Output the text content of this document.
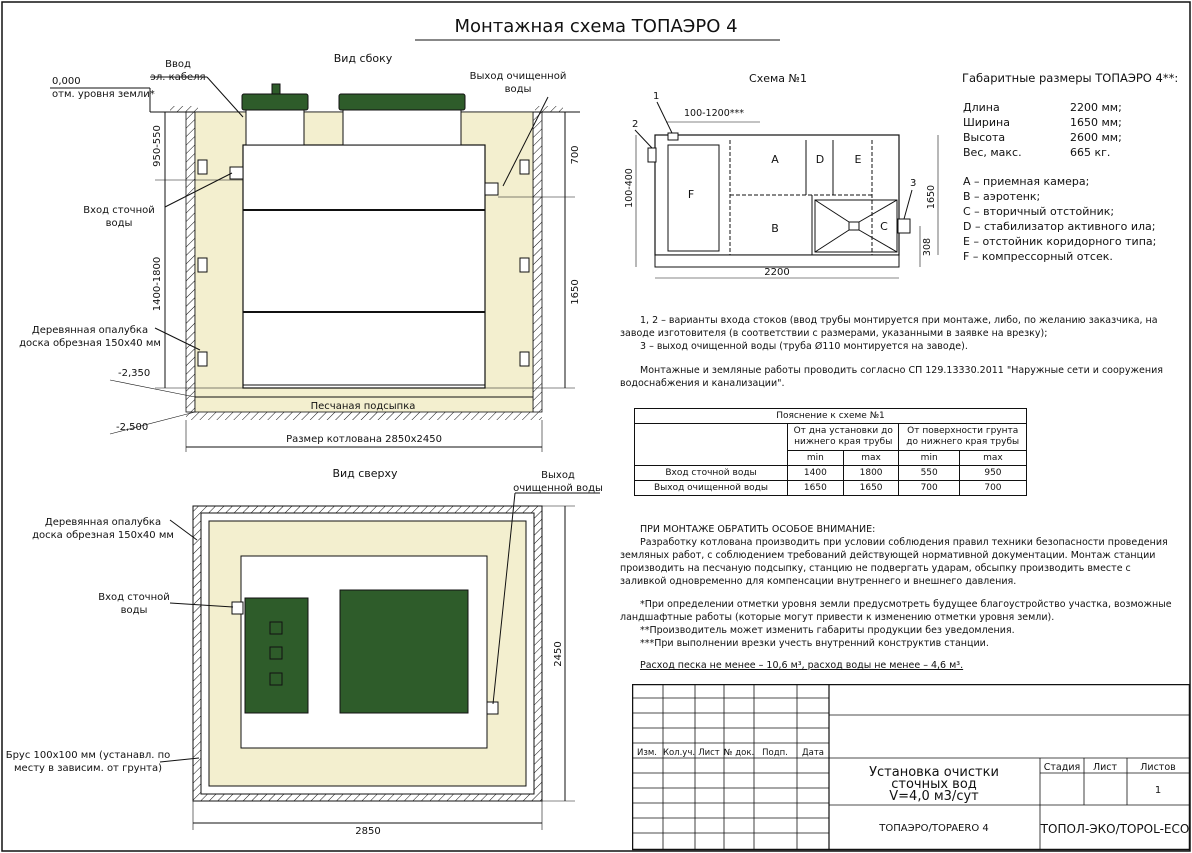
Монтажная схема ТОПАЭРО 4
Вид сбоку
Песчаная подсыпка
Ввод
эл. кабеля
0,000
отм. уровня земли*
Выход очищенной
воды
Вход сточной
воды
Деревянная опалубка
доска обрезная 150х40 мм
950-550
1400-1800
700
1650
-2,350
-2,500
Размер котлована 2850х2450
Вид сверху	Выход
очищенной воды
Деревянная опалубка
доска обрезная 150х40 мм
Вход сточной
воды
Брус 100х100 мм (устанавл. по
месту в зависим. от грунта)
2450
2850
Схема №1
A
B	C
D	E
F
1
2
3
100-1200***
100-400	1650
308
2200
Габаритные размеры ТОПАЭРО 4**:
Длина	2200 мм;
Ширина	1650 мм;
Высота	2600 мм;
Вес, макс.	665 кг.
А – приемная камера;
В – аэротенк;
С – вторичный отстойник;
D – стабилизатор активного ила;
Е – отстойник коридорного типа;
F – компрессорный отсек.
1, 2 – варианты входа стоков (ввод трубы монтируется при монтаже, либо, по желанию заказчика, на заводе изготовителя (в соответствии с размерами, указанными в заявке на врезку);
3 – выход очищенной воды (труба Ø110 монтируется на заводе).
Монтажные и земляные работы проводить согласно СП 129.13330.2011 "Наружные сети и сооружения водоснабжения и канализации".
Пояснение к схеме №1				
	От дна установки до нижнего края трубы		От поверхности грунта до нижнего края трубы	
	min	max	min	max
Вход сточной воды	1400	1800	550	950
Выход очищенной воды	1650	1650	700	700
ПРИ МОНТАЖЕ ОБРАТИТЬ ОСОБОЕ ВНИМАНИЕ:
Разработку котлована производить при условии соблюдения правил техники безопасности проведения земляных работ, с соблюдением требований действующей нормативной документации. Монтаж станции производить на песчаную подсыпку, станцию не подвергать ударам, обсыпку производить вместе с заливкой одновременно для компенсации внутреннего и внешнего давления.
*При определении отметки уровня земли предусмотреть будущее благоустройство участка, возможные ландшафтные работы (которые могут привести к изменению отметки уровня земли).
**Производитель может изменить габариты продукции без уведомления.
***При выполнении врезки учесть внутренний конструктив станции.
Расход песка не менее – 10,6 м³, расход воды не менее – 4,6 м³.
Изм. Кол.уч. Лист № док. Подп. Дата
Установка очистки
сточных вод
V=4,0 м3/сут
ТОПАЭРО/TOPAERO 4
Стадия Лист Листов
1
ТОПОЛ-ЭКО/TOPOL-ECO
